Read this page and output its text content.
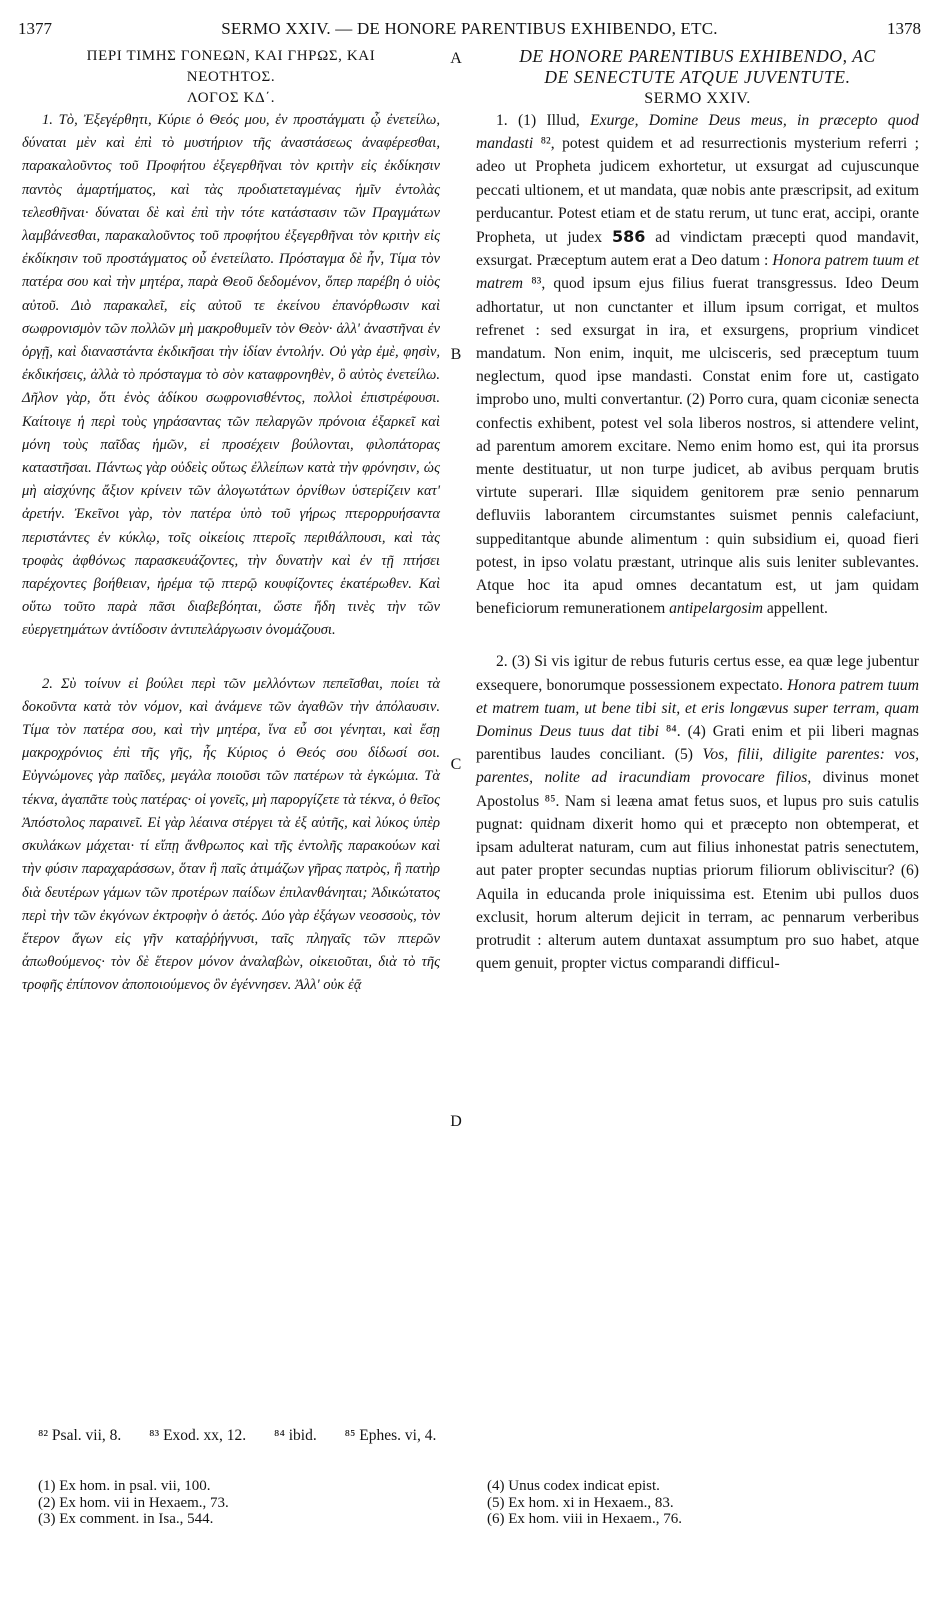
1377	SERMO XXIV. — DE HONORE PARENTIBUS EXHIBENDO, ETC.	1378
ΠΕΡΙ ΤΙΜΗΣ ΓΟΝΕΩΝ, ΚΑΙ ΓΗΡΩΣ, ΚΑΙ
ΝΕΟΤΗΤΟΣ.
ΛΟΓΟΣ ΚΔ΄.

1. Τὸ, Ἐξεγέρθητι, Κύριε ὁ Θεός μου, ἐν προστάγματι ᾧ ἐνετείλω, δύναται μὲν καὶ ἐπὶ τὸ μυστήριον τῆς ἀναστάσεως ἀναφέρεσθαι, παρακαλοῦντος τοῦ Προφήτου ἐξεγερθῆναι τὸν κριτὴν εἰς ἐκδίκησιν παντὸς ἁμαρτήματος, καὶ τὰς προδιατεταγμένας ἡμῖν ἐντολὰς τελεσθῆναι· δύναται δὲ καὶ ἐπὶ τὴν τότε κατάστασιν τῶν Πραγμάτων λαμβάνεσθαι, παρακαλοῦντος τοῦ προφήτου ἐξεγερθῆναι τὸν κριτὴν εἰς ἐκδίκησιν τοῦ προστάγματος οὗ ἐνετείλατο. Πρόσταγμα δὲ ἦν, Τίμα τὸν πατέρα σου καὶ τὴν μητέρα, παρὰ Θεοῦ δεδομένον, ὅπερ παρέβη ὁ υἱὸς αὐτοῦ. Διὸ παρακαλεῖ, εἰς αὐτοῦ τε ἐκείνου ἐπανόρθωσιν καὶ σωφρονισμὸν τῶν πολλῶν μὴ μακροθυμεῖν τὸν Θεὸν· ἀλλ' ἀναστῆναι ἐν ὀργῇ, καὶ διαναστάντα ἐκδικῆσαι τὴν ἰδίαν ἐντολήν. Οὐ γὰρ ἐμὲ, φησὶν, ἐκδικήσεις, ἀλλὰ τὸ πρόσταγμα τὸ σὸν καταφρονηθὲν, ὃ αὐτὸς ἐνετείλω. Δῆλον γὰρ, ὅτι ἑνὸς ἀδίκου σωφρονισθέντος, πολλοὶ ἐπιστρέφουσι. Καίτοιγε ἡ περὶ τοὺς γηράσαντας τῶν πελαργῶν πρόνοια ἐξαρκεῖ καὶ μόνη τοὺς παῖδας ἡμῶν, εἰ προσέχειν βούλονται, φιλοπάτορας καταστῆσαι. Πάντως γὰρ οὐδεὶς οὕτως ἐλλείπων κατὰ τὴν φρόνησιν, ὡς μὴ αἰσχύνης ἄξιον κρίνειν τῶν ἀλογωτάτων ὀρνίθων ὑστερίζειν κατ' ἀρετήν. Ἐκεῖνοι γὰρ, τὸν πατέρα ὑπὸ τοῦ γήρως πτερορρυήσαντα περιστάντες ἐν κύκλῳ, τοῖς οἰκείοις πτεροῖς περιθάλπουσι, καὶ τὰς τροφὰς ἀφθόνως παρασκευάζοντες, τὴν δυνατὴν καὶ ἐν τῇ πτήσει παρέχοντες βοήθειαν, ἠρέμα τῷ πτερῷ κουφίζοντες ἑκατέρωθεν. Καὶ οὕτω τοῦτο παρὰ πᾶσι διαβεβόηται, ὥστε ἤδη τινὲς τὴν τῶν εὐεργετημάτων ἀντίδοσιν ἀντιπελάργωσιν ὀνομάζουσι.

2. Σὺ τοίνυν εἰ βούλει περὶ τῶν μελλόντων πεπεῖσθαι, ποίει τὰ δοκοῦντα κατὰ τὸν νόμον, καὶ ἀνάμενε τῶν ἀγαθῶν τὴν ἀπόλαυσιν. Τίμα τὸν πατέρα σου, καὶ τὴν μητέρα, ἵνα εὖ σοι γένηται, καὶ ἔσῃ μακροχρόνιος ἐπὶ τῆς γῆς, ἧς Κύριος ὁ Θεός σου δίδωσί σοι. Εὐγνώμονες γὰρ παῖδες, μεγάλα ποιοῦσι τῶν πατέρων τὰ ἐγκώμια. Τὰ τέκνα, ἀγαπᾶτε τοὺς πατέρας· οἱ γονεῖς, μὴ παροργίζετε τὰ τέκνα, ὁ θεῖος Ἀπόστολος παραινεῖ. Εἰ γὰρ λέαινα στέργει τὰ ἐξ αὐτῆς, καὶ λύκος ὑπὲρ σκυλάκων μάχεται· τί εἴπῃ ἄνθρωπος καὶ τῆς ἐντολῆς παρακούων καὶ τὴν φύσιν παραχαράσσων, ὅταν ἢ παῖς ἀτιμάζων γῆρας πατρὸς, ἢ πατὴρ διὰ δευτέρων γάμων τῶν προτέρων παίδων ἐπιλανθάνηται; Ἀδικώτατος περὶ τὴν τῶν ἐκγόνων ἐκτροφὴν ὁ ἀετός. Δύο γὰρ ἐξάγων νεοσσοὺς, τὸν ἕτερον ἄγων εἰς γῆν καταῤῥήγνυσι, ταῖς πληγαῖς τῶν πτερῶν ἀπωθούμενος· τὸν δὲ ἕτερον μόνον ἀναλαβὼν, οἰκειοῦται, διὰ τὸ τῆς τροφῆς ἐπίπονον ἀποποιούμενος ὃν ἐγέννησεν. Ἀλλ' οὐκ ἐᾷ

A
B
C
D
DE HONORE PARENTIBUS EXHIBENDO, AC
DE SENECTUTE ATQUE JUVENTUTE.
SERMO XXIV.

1. (1) Illud, Exurge, Domine Deus meus, in præcepto quod mandasti ⁸², potest quidem et ad resurrectionis mysterium referri ; adeo ut Propheta judicem exhortetur, ut exsurgat ad cujuscunque peccati ultionem, et ut mandata, quæ nobis ante præscripsit, ad exitum perducantur. Potest etiam et de statu rerum, ut tunc erat, accipi, orante Propheta, ut judex 586 ad vindictam præcepti quod mandavit, exsurgat. Præceptum autem erat a Deo datum : Honora patrem tuum et matrem ⁸³, quod ipsum ejus filius fuerat transgressus. Ideo Deum adhortatur, ut non cunctanter et illum ipsum corrigat, et multos refrenet : sed exsurgat in ira, et exsurgens, proprium vindicet mandatum. Non enim, inquit, me ulcisceris, sed præceptum tuum neglectum, quod ipse mandasti. Constat enim fore ut, castigato improbo uno, multi convertantur. (2) Porro cura, quam ciconiæ senecta confectis exhibent, potest vel sola liberos nostros, si attendere velint, ad parentum amorem excitare. Nemo enim homo est, qui ita prorsus mente destituatur, ut non turpe judicet, ab avibus perquam brutis virtute superari. Illæ siquidem genitorem præ senio pennarum defluviis laborantem circumstantes suismet pennis calefaciunt, suppeditantque abunde alimentum : quin subsidium ei, quoad fieri potest, in ipso volatu præstant, utrinque alis suis leniter sublevantes. Atque hoc ita apud omnes decantatum est, ut jam quidam beneficiorum remunerationem antipelargosim appellent.

2. (3) Si vis igitur de rebus futuris certus esse, ea quæ lege jubentur exsequere, bonorumque possessionem expectato. Honora patrem tuum et matrem tuam, ut bene tibi sit, et eris longævus super terram, quam Dominus Deus tuus dat tibi ⁸⁴. (4) Grati enim et pii liberi magnas parentibus laudes conciliant. (5) Vos, filii, diligite parentes: vos, parentes, nolite ad iracundiam provocare filios, divinus monet Apostolus ⁸⁵. Nam si leæna amat fetus suos, et lupus pro suis catulis pugnat: quidnam dixerit homo qui et præcepto non obtemperat, et ipsam adulterat naturam, cum aut filius inhonestat patris senectutem, aut pater propter secundas nuptias priorum filiorum obliviscitur? (6) Aquila in educanda prole iniquissima est. Etenim ubi pullos duos exclusit, horum alterum dejicit in terram, ac pennarum verberibus protrudit : alterum autem duntaxat assumptum pro suo habet, atque quem genuit, propter victus comparandi difficul-

⁸² Psal. vii, 8. ⁸³ Exod. xx, 12. ⁸⁴ ibid. ⁸⁵ Ephes. vi, 4.
(1) Ex hom. in psal. vii, 100.
(2) Ex hom. vii in Hexaem., 73.
(3) Ex comment. in Isa., 544.
(4) Unus codex indicat epist.
(5) Ex hom. xi in Hexaem., 83.
(6) Ex hom. viii in Hexaem., 76.
